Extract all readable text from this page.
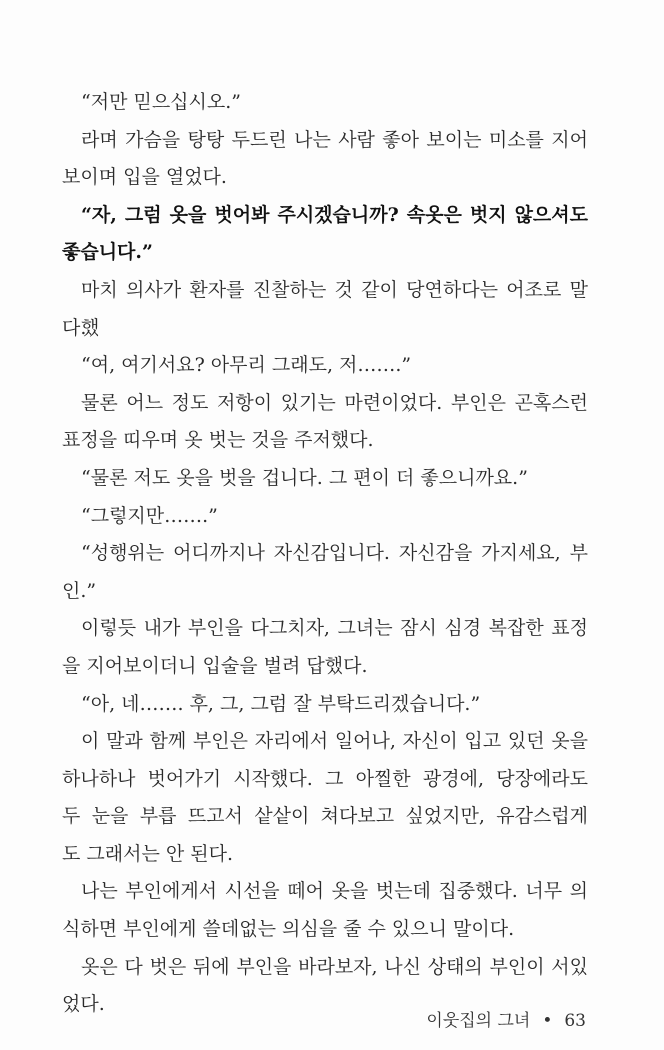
“저만 믿으십시오.”
라며 가슴을 탕탕 두드린 나는 사람 좋아 보이는 미소를 지어
보이며 입을 열었다.
“자, 그럼 옷을 벗어봐 주시겠습니까? 속옷은 벗지 않으셔도
좋습니다.”
마치 의사가 환자를 진찰하는 것 같이 당연하다는 어조로 말했
다.
“여, 여기서요? 아무리 그래도, 저…….”
물론 어느 정도 저항이 있기는 마련이었다. 부인은 곤혹스런
표정을 띠우며 옷 벗는 것을 주저했다.
“물론 저도 옷을 벗을 겁니다. 그 편이 더 좋으니까요.”
“그렇지만…….”
“성행위는 어디까지나 자신감입니다. 자신감을 가지세요, 부
인.”
이렇듯 내가 부인을 다그치자, 그녀는 잠시 심경 복잡한 표정
을 지어보이더니 입술을 벌려 답했다.
“아, 네……. 후, 그, 그럼 잘 부탁드리겠습니다.”
이 말과 함께 부인은 자리에서 일어나, 자신이 입고 있던 옷을
하나하나 벗어가기 시작했다. 그 아찔한 광경에, 당장에라도
두 눈을 부릅 뜨고서 샅샅이 쳐다보고 싶었지만, 유감스럽게
도 그래서는 안 된다.
나는 부인에게서 시선을 떼어 옷을 벗는데 집중했다. 너무 의
식하면 부인에게 쓸데없는 의심을 줄 수 있으니 말이다.
옷은 다 벗은 뒤에 부인을 바라보자, 나신 상태의 부인이 서있
었다.
이웃집의 그녀 • 63
